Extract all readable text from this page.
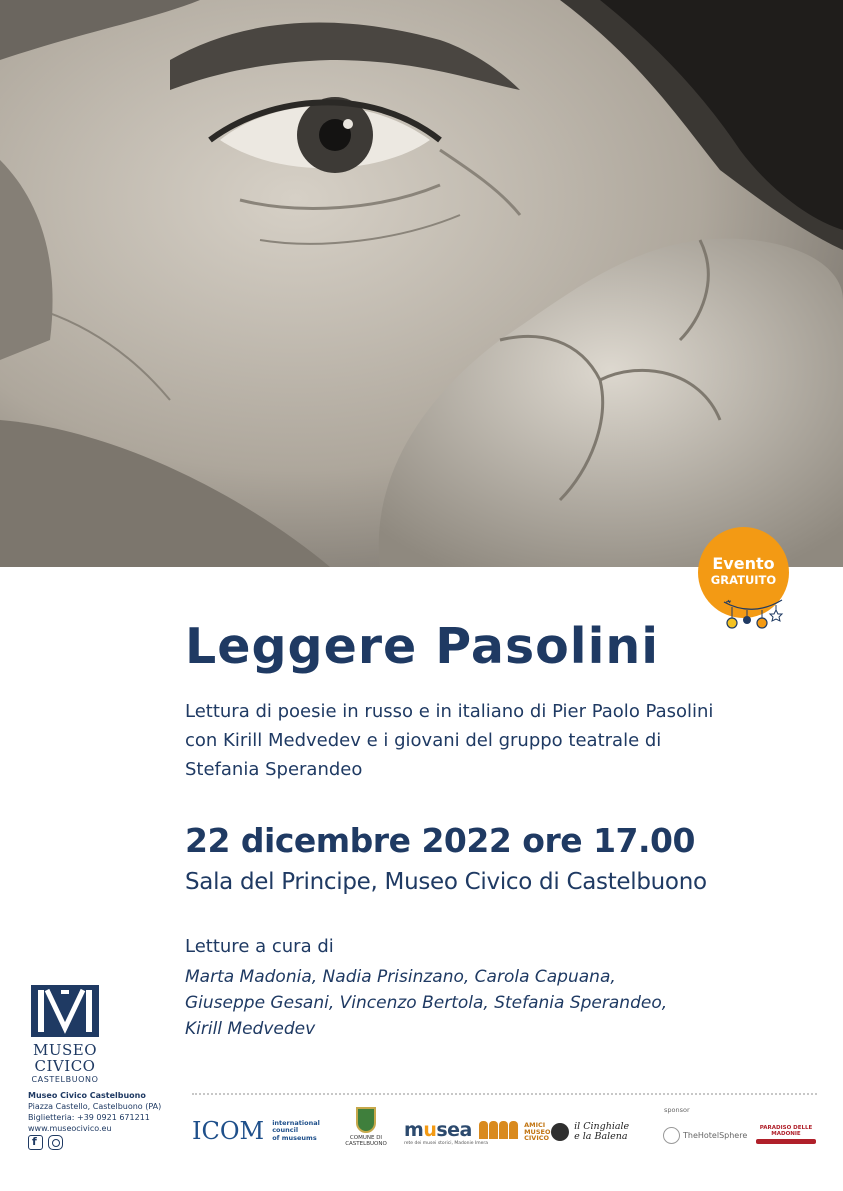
Evento
GRATUITO
Leggere Pasolini
Lettura di poesie in russo e in italiano di Pier Paolo Pasolini
con Kirill Medvedev e i giovani del gruppo teatrale di
Stefania Sperandeo
22 dicembre 2022 ore 17.00
Sala del Principe, Museo Civico di Castelbuono
Letture a cura di
Marta Madonia, Nadia Prisinzano, Carola Capuana,
Giuseppe Gesani, Vincenzo Bertola, Stefania Sperandeo,
Kirill Medvedev
MUSEO
CIVICO
CASTELBUONO
Museo Civico Castelbuono
Piazza Castello, Castelbuono (PA)
Biglietteria: +39 0921 671211
www.museocivico.eu
f	ICOM international
council
of museums	COMUNE DI
CASTELBUONO
musea
rete dei musei storici, Madonie Imera

AMICI
MUSEO
CIVICO

il Cinghiale
e la Balena
sponsor
TheHotelSphere
PARADISO DELLE MADONIE
